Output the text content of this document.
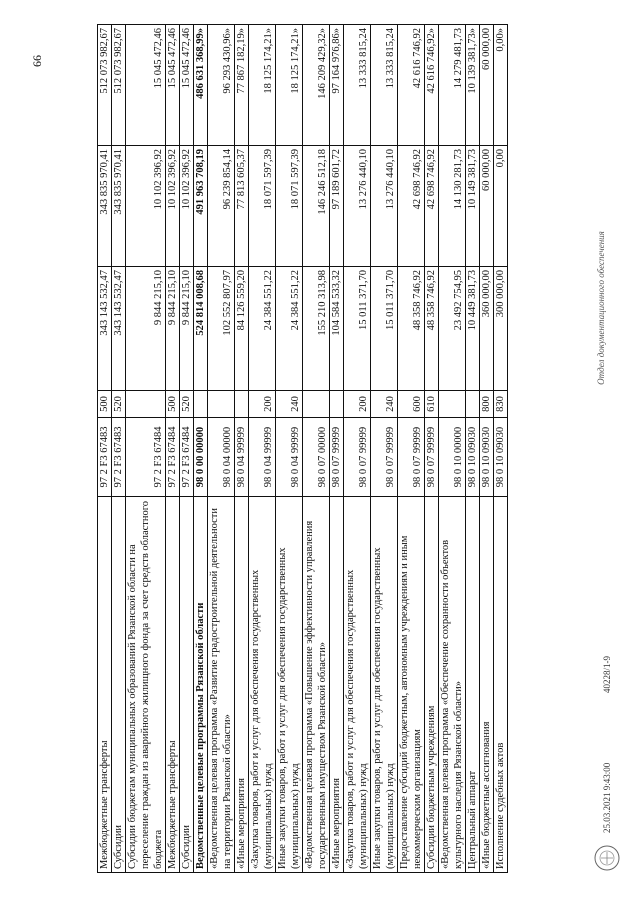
66
Межбюджетные трансферты	97 2 F3 67483	500	343 143 532,47	343 835 970,41	512 073 982,67
Субсидии	97 2 F3 67483	520	343 143 532,47	343 835 970,41	512 073 982,67
Субсидии бюджетам муниципальных образований Рязанской области на переселение граждан из аварийного жилищного фонда за счет средств областного бюджета	97 2 F3 67484		9 844 215,10	10 102 396,92	15 045 472,46
Межбюджетные трансферты	97 2 F3 67484	500	9 844 215,10	10 102 396,92	15 045 472,46
Субсидии	97 2 F3 67484	520	9 844 215,10	10 102 396,92	15 045 472,46
Ведомственные целевые программы Рязанской области	98 0 00 00000		524 814 008,68	491 963 708,19	486 631 368,99»
«Ведомственная целевая программа «Развитие градостроительной деятельности на территории Рязанской области»	98 0 04 00000		102 552 807,97	96 239 854,14	96 293 430,96»
«Иные мероприятия	98 0 04 99999		84 126 559,20	77 813 605,37	77 867 182,19»
«Закупка товаров, работ и услуг для обеспечения государственных (муниципальных) нужд	98 0 04 99999	200	24 384 551,22	18 071 597,39	18 125 174,21»
Иные закупки товаров, работ и услуг для обеспечения государственных (муниципальных) нужд	98 0 04 99999	240	24 384 551,22	18 071 597,39	18 125 174,21»
«Ведомственная целевая программа «Повышение эффективности управления государственным имуществом Рязанской области»	98 0 07 00000		155 210 313,98	146 246 512,18	146 209 429,32»
«Иные мероприятия	98 0 07 99999		104 584 533,32	97 189 601,72	97 164 976,86»
«Закупка товаров, работ и услуг для обеспечения государственных (муниципальных) нужд	98 0 07 99999	200	15 011 371,70	13 276 440,10	13 333 815,24
Иные закупки товаров, работ и услуг для обеспечения государственных (муниципальных) нужд	98 0 07 99999	240	15 011 371,70	13 276 440,10	13 333 815,24
Предоставление субсидий бюджетным, автономным учреждениям и иным некоммерческим организациям	98 0 07 99999	600	48 358 746,92	42 698 746,92	42 616 746,92
Субсидии бюджетным учреждениям	98 0 07 99999	610	48 358 746,92	42 698 746,92	42 616 746,92»
«Ведомственная целевая программа «Обеспечение сохранности объектов культурного наследия Рязанской области»	98 0 10 00000		23 492 754,95	14 130 281,73	14 279 481,73
Центральный аппарат	98 0 10 09030		10 449 381,73	10 149 381,73	10 139 381,73»
«Иные бюджетные ассигнования	98 0 10 09030	800	360 000,00	60 000,00	60 000,00
Исполнение судебных актов	98 0 10 09030	830	300 000,00	0,00	0,00»
25.03.2021 9:43:00
40228/1-9
Отдел документационного обеспечения
